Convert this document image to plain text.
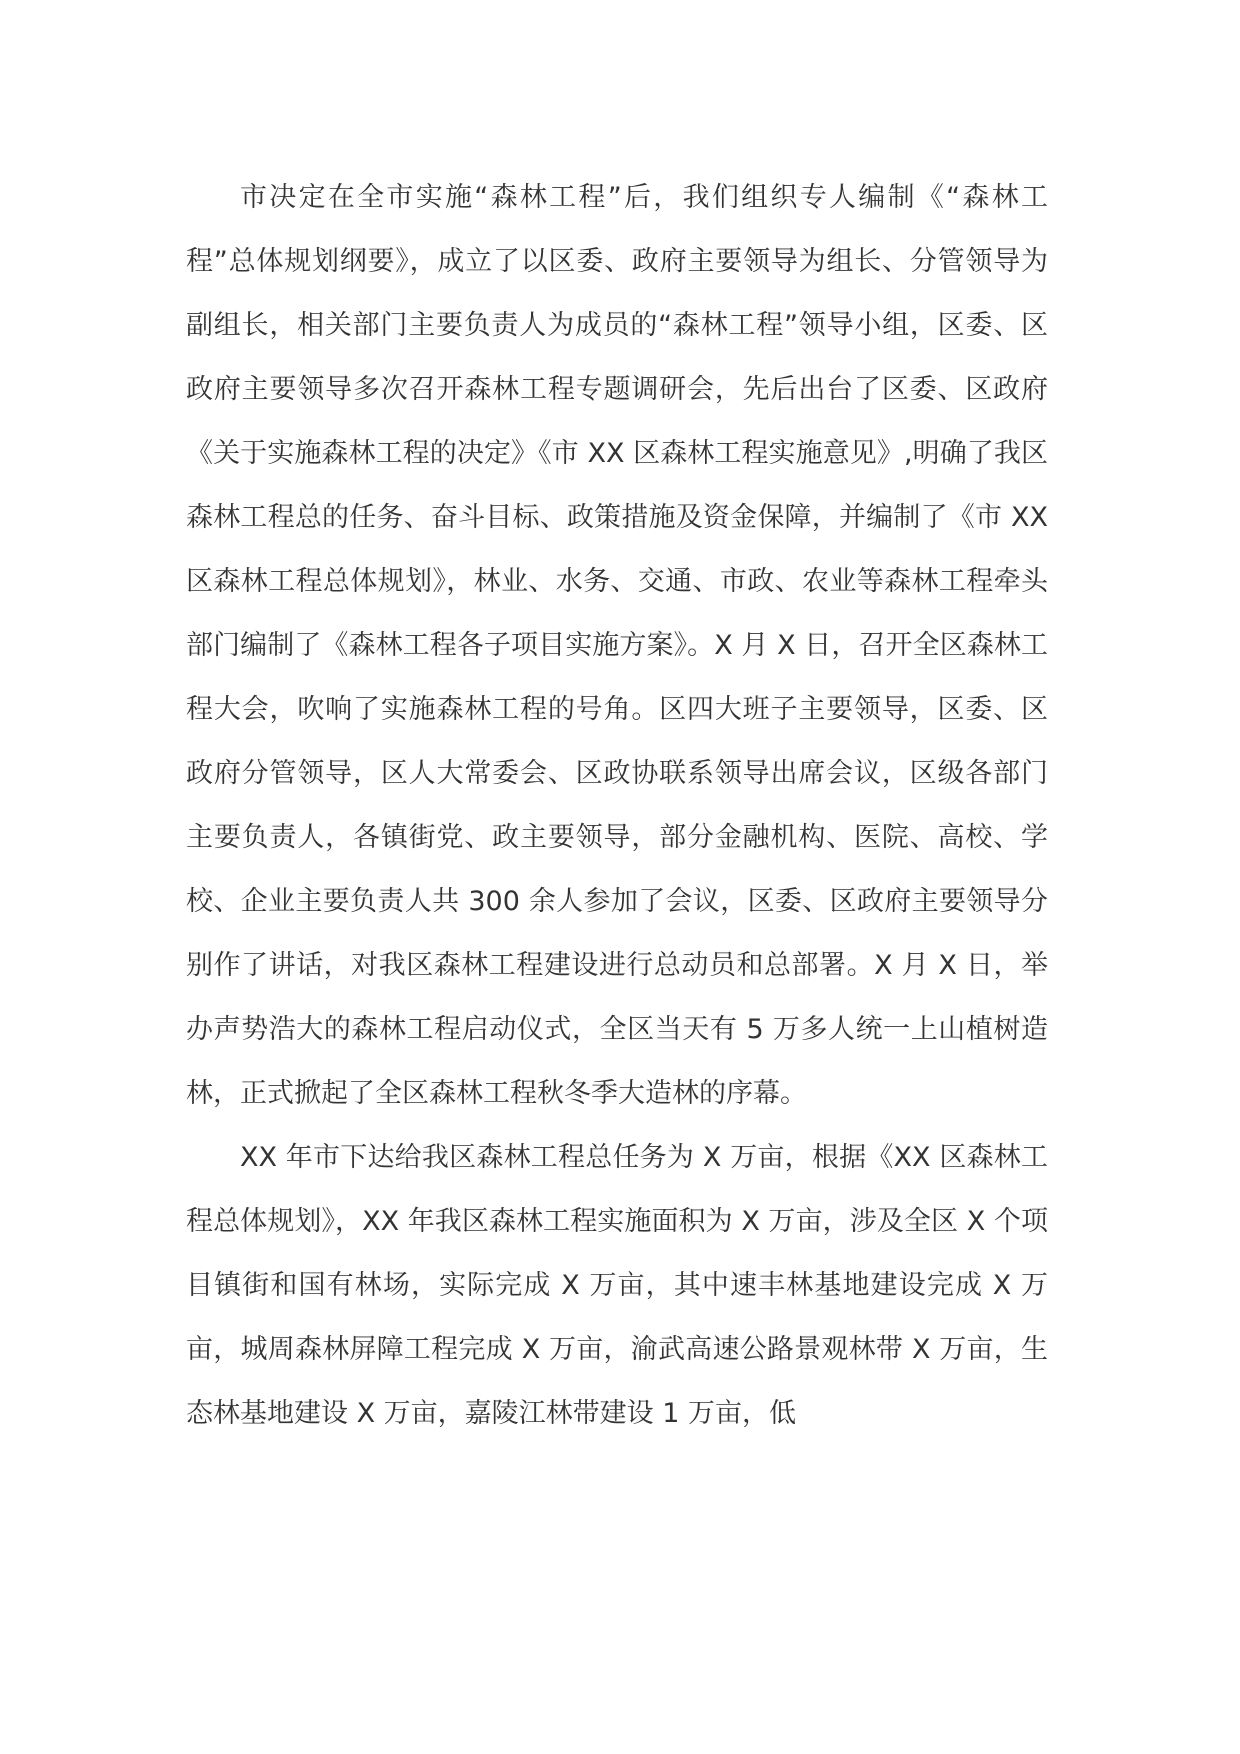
市决定在全市实施“森林工程”后，我们组织专人编制《“森林工程”总体规划纲要》，成立了以区委、政府主要领导为组长、分管领导为副组长，相关部门主要负责人为成员的“森林工程”领导小组，区委、区政府主要领导多次召开森林工程专题调研会，先后出台了区委、区政府《关于实施森林工程的决定》《市 XX 区森林工程实施意见》,明确了我区森林工程总的任务、奋斗目标、政策措施及资金保障，并编制了《市 XX 区森林工程总体规划》，林业、水务、交通、市政、农业等森林工程牵头部门编制了《森林工程各子项目实施方案》。X 月 X 日，召开全区森林工程大会，吹响了实施森林工程的号角。区四大班子主要领导，区委、区政府分管领导，区人大常委会、区政协联系领导出席会议，区级各部门主要负责人，各镇街党、政主要领导，部分金融机构、医院、高校、学校、企业主要负责人共 300 余人参加了会议，区委、区政府主要领导分别作了讲话，对我区森林工程建设进行总动员和总部署。X 月 X 日，举办声势浩大的森林工程启动仪式，全区当天有 5 万多人统一上山植树造林，正式掀起了全区森林工程秋冬季大造林的序幕。

XX 年市下达给我区森林工程总任务为 X 万亩，根据《XX 区森林工程总体规划》，XX 年我区森林工程实施面积为 X 万亩，涉及全区 X 个项目镇街和国有林场，实际完成 X 万亩，其中速丰林基地建设完成 X 万亩，城周森林屏障工程完成 X 万亩，渝武高速公路景观林带 X 万亩，生态林基地建设 X 万亩，嘉陵江林带建设 1 万亩，低
